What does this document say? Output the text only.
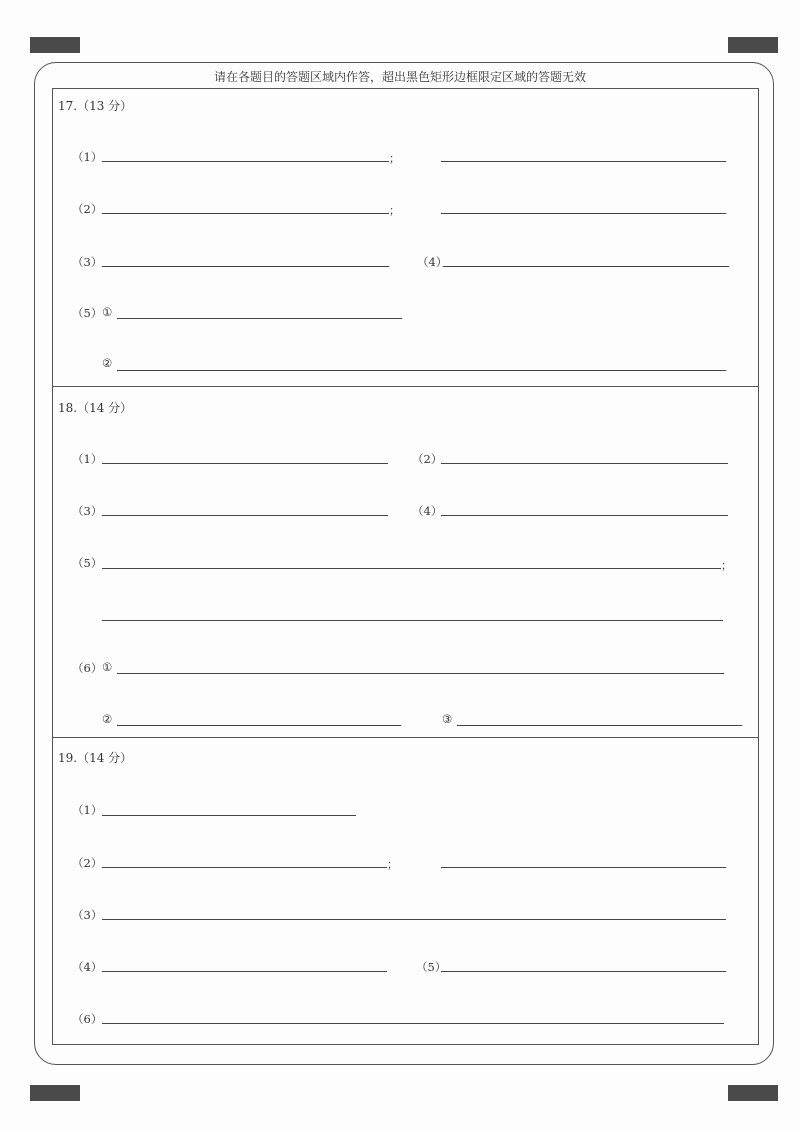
请在各题目的答题区域内作答，超出黑色矩形边框限定区域的答题无效
17.（13 分）
（1）	；
（2）	；
（3）	（4）
（5） ①
②
18.（14 分）
（1）	（2）
（3）	（4）
（5）	；
（6） ①
②	③
19.（14 分）
（1）
（2）	；
（3）
（4）	（5）
（6）
